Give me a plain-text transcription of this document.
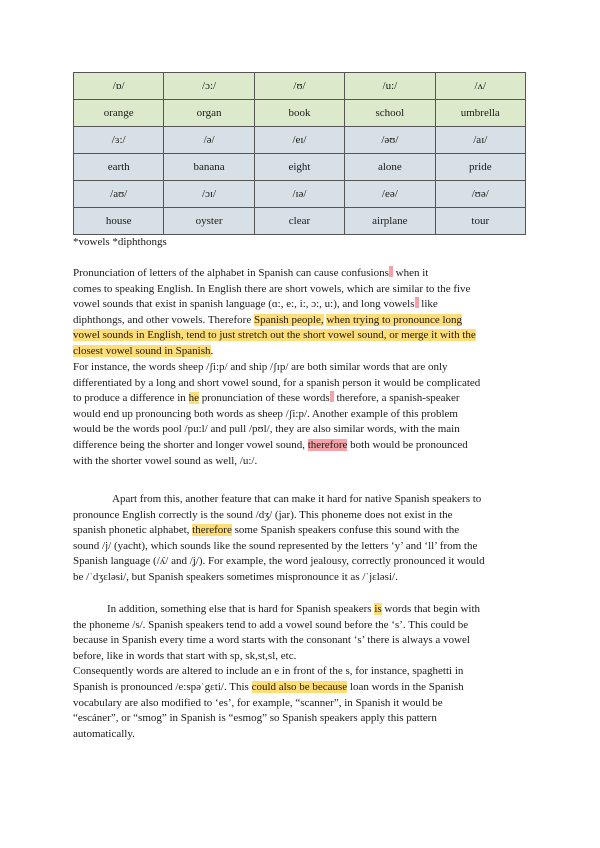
/ɒ/	/ɔ:/	/ʊ/	/u:/	/ʌ/
orange	organ	book	school	umbrella
/ɜ:/	/ə/	/eɪ/	/əʊ/	/aɪ/
earth	banana	eight	alone	pride
/aʊ/	/ɔɪ/	/ɪə/	/eə/	/ʊə/
house	oyster	clear	airplane	tour
*vowels *diphthongs
Pronunciation of letters of the alphabet in Spanish can cause confusions when it
comes to speaking English. In English there are short vowels, which are similar to the five
vowel sounds that exist in spanish language (ɑ:, e:, i:, ɔ:, u:), and long vowels like
diphthongs, and other vowels. Therefore Spanish people, when trying to pronounce long
vowel sounds in English, tend to just stretch out the short vowel sound, or merge it with the
closest vowel sound in Spanish.
For instance, the words sheep /ʃi:p/ and ship /ʃɪp/ are both similar words that are only
differentiated by a long and short vowel sound, for a spanish person it would be complicated
to produce a difference in he pronunciation of these words therefore, a spanish-speaker
would end up pronouncing both words as sheep /ʃi:p/. Another example of this problem
would be the words pool /pu:l/ and pull /pʊl/, they are also similar words, with the main
difference being the shorter and longer vowel sound, therefore both would be pronounced
with the shorter vowel sound as well, /u:/.
Apart from this, another feature that can make it hard for native Spanish speakers to
pronounce English correctly is the sound /dʒ/ (jar). This phoneme does not exist in the
spanish phonetic alphabet, therefore some Spanish speakers confuse this sound with the
sound /j/ (yacht), which sounds like the sound represented by the letters ‘y’ and ‘ll’ from the
Spanish language (/ʎ/ and /ʝ/). For example, the word jealousy, correctly pronounced it would
be /ˈdʒɛləsi/, but Spanish speakers sometimes mispronounce it as /ˈjɛləsi/.
In addition, something else that is hard for Spanish speakers is words that begin with
the phoneme /s/. Spanish speakers tend to add a vowel sound before the ‘s’. This could be
because in Spanish every time a word starts with the consonant ‘s’ there is always a vowel
before, like in words that start with sp, sk,st,sl, etc.
Consequently words are altered to include an e in front of the s, for instance, spaghetti in
Spanish is pronounced /e:spəˈgɛti/. This could also be because loan words in the Spanish
vocabulary are also modified to ‘es’, for example, “scanner”, in Spanish it would be
“escáner”, or “smog” in Spanish is “esmog” so Spanish speakers apply this pattern
automatically.
